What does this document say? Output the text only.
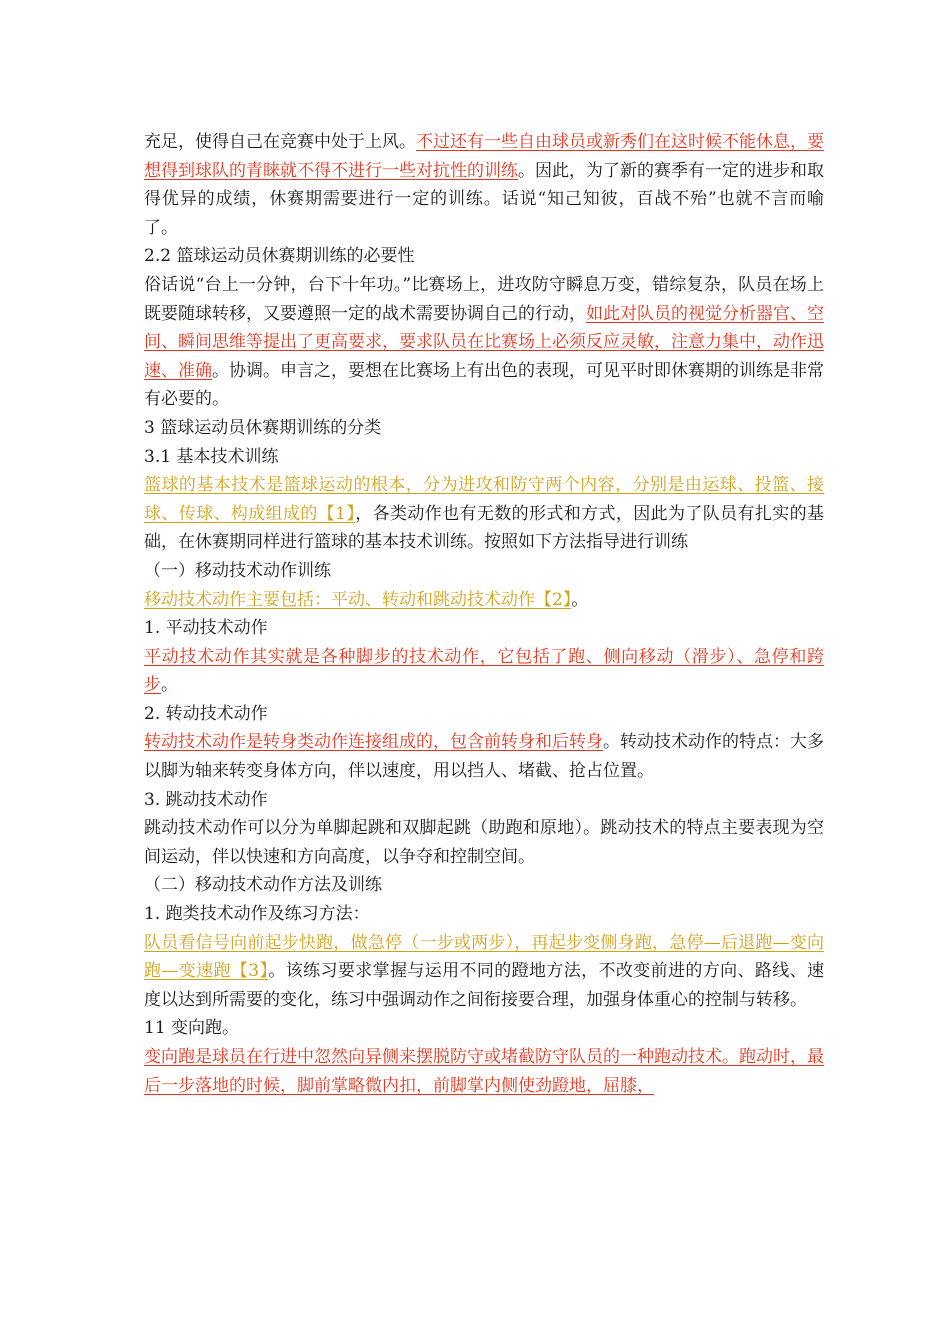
充足，使得自己在竞赛中处于上风。不过还有一些自由球员或新秀们在这时候不能休息，要想得到球队的青睐就不得不进行一些对抗性的训练。因此，为了新的赛季有一定的进步和取得优异的成绩，休赛期需要进行一定的训练。话说“知己知彼，百战不殆”也就不言而喻了。

2.2 篮球运动员休赛期训练的必要性

俗话说“台上一分钟，台下十年功。”比赛场上，进攻防守瞬息万变，错综复杂，队员在场上既要随球转移，又要遵照一定的战术需要协调自己的行动，如此对队员的视觉分析器官、空间、瞬间思维等提出了更高要求，要求队员在比赛场上必须反应灵敏，注意力集中，动作迅速、准确。协调。申言之，要想在比赛场上有出色的表现，可见平时即休赛期的训练是非常有必要的。

3 篮球运动员休赛期训练的分类

3.1 基本技术训练

篮球的基本技术是篮球运动的根本，分为进攻和防守两个内容，分别是由运球、投篮、接球、传球、构成组成的【1】，各类动作也有无数的形式和方式，因此为了队员有扎实的基础，在休赛期同样进行篮球的基本技术训练。按照如下方法指导进行训练

（一）移动技术动作训练

移动技术动作主要包括：平动、转动和跳动技术动作【2】。

1. 平动技术动作

平动技术动作其实就是各种脚步的技术动作，它包括了跑、侧向移动（滑步）、急停和跨步。

2. 转动技术动作

转动技术动作是转身类动作连接组成的，包含前转身和后转身。转动技术动作的特点：大多以脚为轴来转变身体方向，伴以速度，用以挡人、堵截、抢占位置。

3. 跳动技术动作

跳动技术动作可以分为单脚起跳和双脚起跳（助跑和原地）。跳动技术的特点主要表现为空间运动，伴以快速和方向高度，以争夺和控制空间。

（二）移动技术动作方法及训练

1. 跑类技术动作及练习方法：

队员看信号向前起步快跑，做急停（一步或两步），再起步变侧身跑，急停—后退跑—变向跑—变速跑【3】。该练习要求掌握与运用不同的蹬地方法，不改变前进的方向、路线、速度以达到所需要的变化，练习中强调动作之间衔接要合理，加强身体重心的控制与转移。

11 变向跑。

变向跑是球员在行进中忽然向异侧来摆脱防守或堵截防守队员的一种跑动技术。跑动时，最后一步落地的时候，脚前掌略微内扣，前脚掌内侧使劲蹬地，屈膝，
